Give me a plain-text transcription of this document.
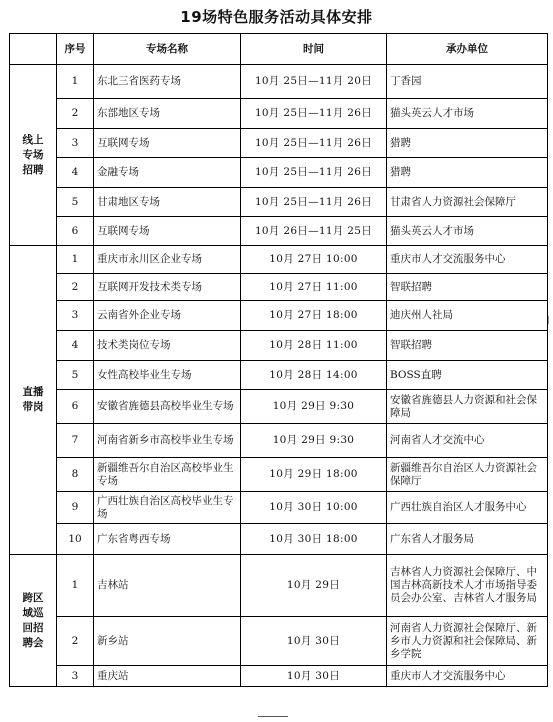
19场特色服务活动具体安排
	序号	专场名称	时间	承办单位
线上专场招聘	1	东北三省医药专场	10月 25日—11月 20日	丁香园
	2	东部地区专场	10月 25日—11月 26日	猫头英云人才市场
	3	互联网专场	10月 25日—11月 26日	猎聘
	4	金融专场	10月 25日—11月 26日	猎聘
	5	甘肃地区专场	10月 25日—11月 26日	甘肃省人力资源社会保障厅
	6	互联网专场	10月 26日—11月 25日	猫头英云人才市场
直播带岗	1	重庆市永川区企业专场	10月 27日 10:00	重庆市人才交流服务中心
	2	互联网开发技术类专场	10月 27日 11:00	智联招聘
	3	云南省外企业专场	10月 27日 18:00	迪庆州人社局
	4	技术类岗位专场	10月 28日 11:00	智联招聘
	5	女性高校毕业生专场	10月 28日 14:00	BOSS直聘
	6	安徽省旌德县高校毕业生专场	10月 29日 9:30	安徽省旌德县人力资源和社会保障局
	7	河南省新乡市高校毕业生专场	10月 29日 9:30	河南省人才交流中心
	8	新疆维吾尔自治区高校毕业生专场	10月 29日 18:00	新疆维吾尔自治区人力资源社会保障厅
	9	广西壮族自治区高校毕业生专场	10月 30日 10:00	广西壮族自治区人才服务中心
	10	广东省粤西专场	10月 30日 18:00	广东省人才服务局
跨区域巡回招聘会	1	吉林站	10月 29日	吉林省人力资源社会保障厅、中国吉林高新技术人才市场指导委员会办公室、吉林省人才服务局
	2	新乡站	10月 30日	河南省人力资源社会保障厅、新乡市人力资源和社会保障局、新乡学院
	3	重庆站	10月 30日	重庆市人才交流服务中心
